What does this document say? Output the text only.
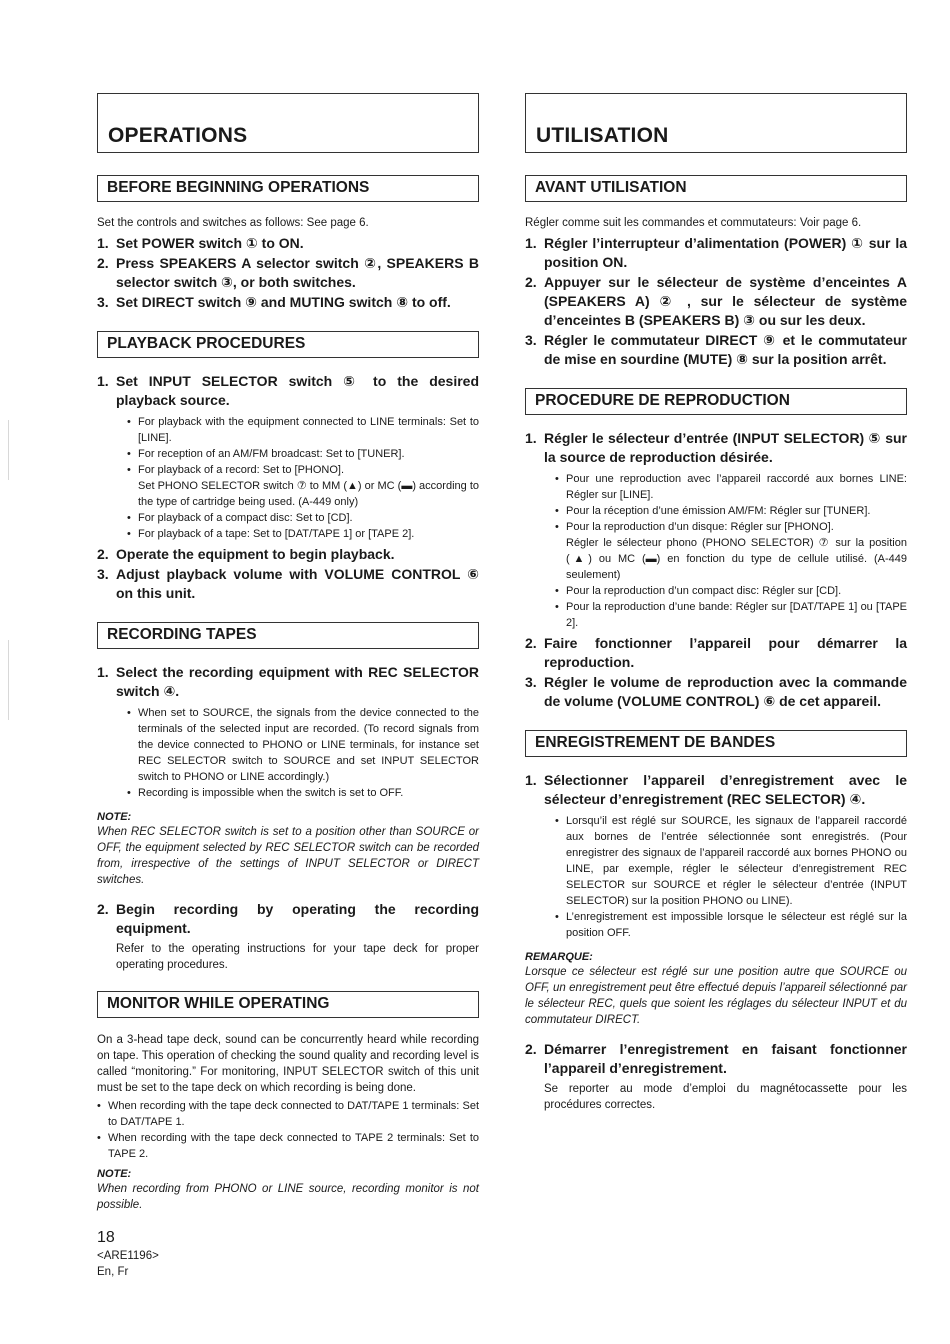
OPERATIONS
BEFORE BEGINNING OPERATIONS

Set the controls and switches as follows: See page 6.

1. Set POWER switch ① to ON.
2. Press SPEAKERS A selector switch ②, SPEAKERS B selector switch ③, or both switches.
3. Set DIRECT switch ⑨ and MUTING switch ⑧ to off.
PLAYBACK PROCEDURES
1. Set INPUT SELECTOR switch ⑤ to the desired playback source.
• For playback with the equipment connected to LINE terminals: Set to [LINE].
• For reception of an AM/FM broadcast: Set to [TUNER].
• For playback of a record: Set to [PHONO].
Set PHONO SELECTOR switch ⑦ to MM (▲) or MC (▬) according to the type of cartridge being used. (A-449 only)
• For playback of a compact disc: Set to [CD].
• For playback of a tape: Set to [DAT/TAPE 1] or [TAPE 2].
2. Operate the equipment to begin playback.
3. Adjust playback volume with VOLUME CONTROL ⑥ on this unit.
RECORDING TAPES
1. Select the recording equipment with REC SELECTOR switch ④.
• When set to SOURCE, the signals from the device connected to the terminals of the selected input are recorded. (To record signals from the device connected to PHONO or LINE terminals, for instance set REC SELECTOR switch to SOURCE and set INPUT SELECTOR switch to PHONO or LINE accordingly.)
• Recording is impossible when the switch is set to OFF.

NOTE:

When REC SELECTOR switch is set to a position other than SOURCE or OFF, the equipment selected by REC SELECTOR switch can be recorded from, irrespective of the settings of INPUT SELECTOR or DIRECT switches.

2. Begin recording by operating the recording equipment.

Refer to the operating instructions for your tape deck for proper operating procedures.

MONITOR WHILE OPERATING

On a 3-head tape deck, sound can be concurrently heard while recording on tape. This operation of checking the sound quality and recording level is called “monitoring.” For monitoring, INPUT SELECTOR switch of this unit must be set to the tape deck on which recording is being done.

• When recording with the tape deck connected to DAT/TAPE 1 terminals: Set to DAT/TAPE 1.
• When recording with the tape deck connected to TAPE 2 terminals: Set to TAPE 2.

NOTE:

When recording from PHONO or LINE source, recording monitor is not possible.

UTILISATION
AVANT UTILISATION

Régler comme suit les commandes et commutateurs: Voir page 6.

1. Régler l’interrupteur d’alimentation (POWER) ① sur la position ON.
2. Appuyer sur le sélecteur de système d’enceintes A (SPEAKERS A) ② , sur le sélecteur de système d’enceintes B (SPEAKERS B) ③ ou sur les deux.
3. Régler le commutateur DIRECT ⑨ et le commutateur de mise en sourdine (MUTE) ⑧ sur la position arrêt.
PROCEDURE DE REPRODUCTION
1. Régler le sélecteur d’entrée (INPUT SELECTOR) ⑤ sur la source de reproduction désirée.
• Pour une reproduction avec l’appareil raccordé aux bornes LINE: Régler sur [LINE].
• Pour la réception d’une émission AM/FM: Régler sur [TUNER].
• Pour la reproduction d’un disque: Régler sur [PHONO].
Régler le sélecteur phono (PHONO SELECTOR) ⑦ sur la position (▲) ou MC (▬) en fonction du type de cellule utilisé. (A-449 seulement)
• Pour la reproduction d’un compact disc: Régler sur [CD].
• Pour la reproduction d’une bande: Régler sur [DAT/TAPE 1] ou [TAPE 2].
2. Faire fonctionner l’appareil pour démarrer la reproduction.
3. Régler le volume de reproduction avec la commande de volume (VOLUME CONTROL) ⑥ de cet appareil.
ENREGISTREMENT DE BANDES
1. Sélectionner l’appareil d’enregistrement avec le sélecteur d’enregistrement (REC SELECTOR) ④.
• Lorsqu’il est réglé sur SOURCE, les signaux de l’appareil raccordé aux bornes de l’entrée sélectionnée sont enregistrés. (Pour enregistrer des signaux de l’appareil raccordé aux bornes PHONO ou LINE, par exemple, régler le sélecteur d’enregistrement REC SELECTOR sur SOURCE et régler le sélecteur d’entrée (INPUT SELECTOR) sur la position PHONO ou LINE).
• L’enregistrement est impossible lorsque le sélecteur est réglé sur la position OFF.

REMARQUE:

Lorsque ce sélecteur est réglé sur une position autre que SOURCE ou OFF, un enregistrement peut être effectué depuis l’appareil sélectionné par le sélecteur REC, quels que soient les réglages du sélecteur INPUT et du commutateur DIRECT.

2. Démarrer l’enregistrement en faisant fonctionner l’appareil d’enregistrement.

Se reporter au mode d’emploi du magnétocassette pour les procédures correctes.

18
<ARE1196>
En, Fr
